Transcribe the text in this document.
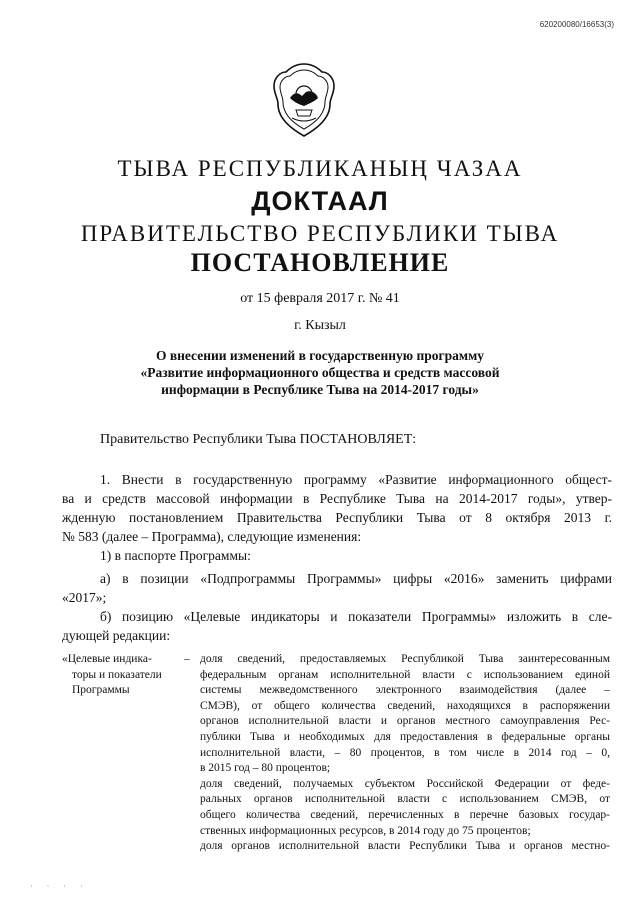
620200080/16653(3)
ТЫВА РЕСПУБЛИКАНЫҢ ЧАЗАА
ДОКТААЛ
ПРАВИТЕЛЬСТВО РЕСПУБЛИКИ ТЫВА
ПОСТАНОВЛЕНИЕ
от 15 февраля 2017 г. № 41
г. Кызыл
О внесении изменений в государственную программу
«Развитие информационного общества и средств массовой
информации в Республике Тыва на 2014-2017 годы»
Правительство Республики Тыва ПОСТАНОВЛЯЕТ:
1. Внести в государственную программу «Развитие информационного общест-
ва и средств массовой информации в Республике Тыва на 2014-2017 годы», утвер-
жденную постановлением Правительства Республики Тыва от 8 октября 2013 г.
№ 583 (далее – Программа), следующие изменения:
1) в паспорте Программы:
а) в позиции «Подпрограммы Программы» цифры «2016» заменить цифрами
«2017»;
б) позицию «Целевые индикаторы и показатели Программы» изложить в сле-
дующей редакции:
«Целевые индика-
торы и показатели
Программы
– доля сведений, предоставляемых Республикой Тыва заинтересованным
федеральным органам исполнительной власти с использованием единой
системы межведомственного электронного взаимодействия (далее –
СМЭВ), от общего количества сведений, находящихся в распоряжении
органов исполнительной власти и органов местного самоуправления Рес-
публики Тыва и необходимых для предоставления в федеральные органы
исполнительной власти, – 80 процентов, в том числе в 2014 год – 0,
в 2015 год – 80 процентов;
доля сведений, получаемых субъектом Российской Федерации от феде-
ральных органов исполнительной власти с использованием СМЭВ, от
общего количества сведений, перечисленных в перечне базовых государ-
ственных информационных ресурсов, в 2014 году до 75 процентов;
доля органов исполнительной власти Республики Тыва и органов местно-
· · · ·
